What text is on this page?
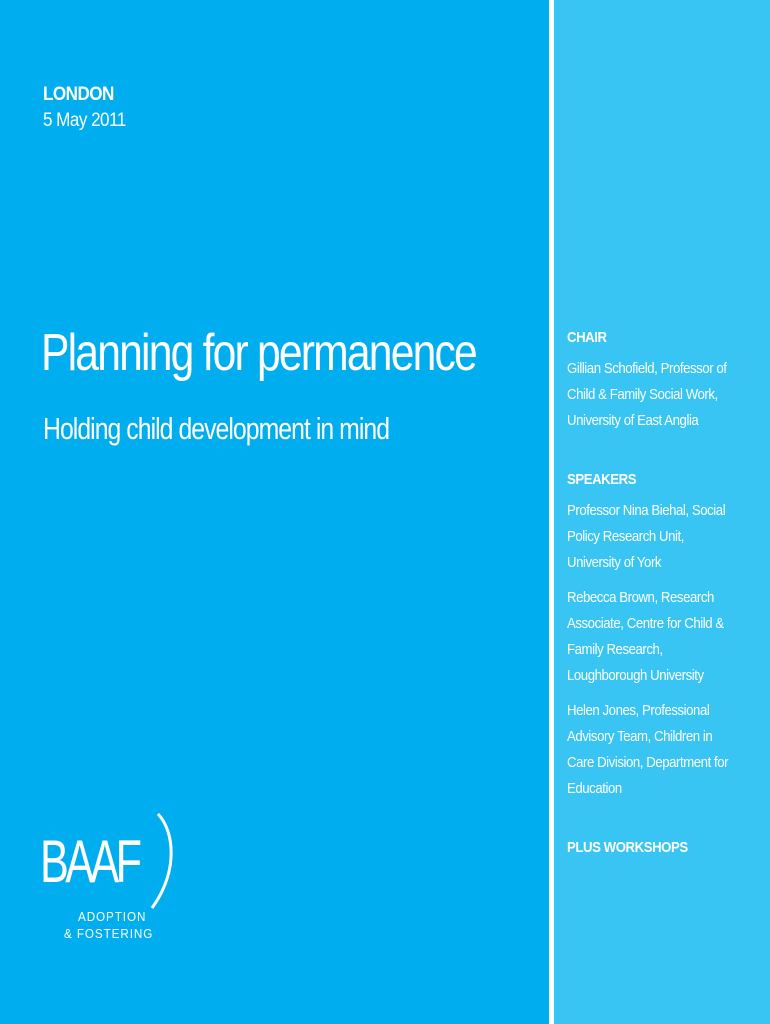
LONDON
5 May 2011
Planning for permanence
Holding child development in mind
CHAIR
Gillian Schofield, Professor of
Child & Family Social Work,
University of East Anglia
SPEAKERS
Professor Nina Biehal, Social
Policy Research Unit,
University of York
Rebecca Brown, Research
Associate, Centre for Child &
Family Research,
Loughborough University
Helen Jones, Professional
Advisory Team, Children in
Care Division, Department for
Education
PLUS WORKSHOPS
BAAF
ADOPTION
& FOSTERING
